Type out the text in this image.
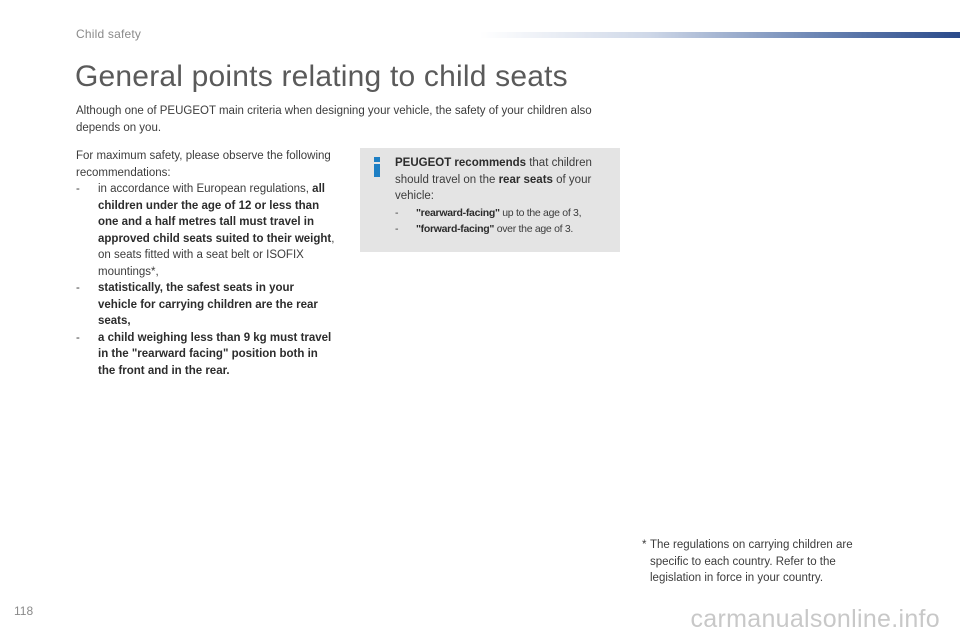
Child safety
General points relating to child seats

Although one of PEUGEOT main criteria when designing your vehicle, the safety of your children also depends on you.

For maximum safety, please observe the following recommendations:

- in accordance with European regulations, all children under the age of 12 or less than one and a half metres tall must travel in approved child seats suited to their weight, on seats fitted with a seat belt or ISOFIX mountings*,

- statistically, the safest seats in your vehicle for carrying children are the rear seats,

- a child weighing less than 9 kg must travel in the "rearward facing" position both in the front and in the rear.

PEUGEOT recommends that children should travel on the rear seats of your vehicle:

- "rearward-facing" up to the age of 3,

- "forward-facing" over the age of 3.

* The regulations on carrying children are specific to each country. Refer to the legislation in force in your country.
118	carmanualsonline.info
